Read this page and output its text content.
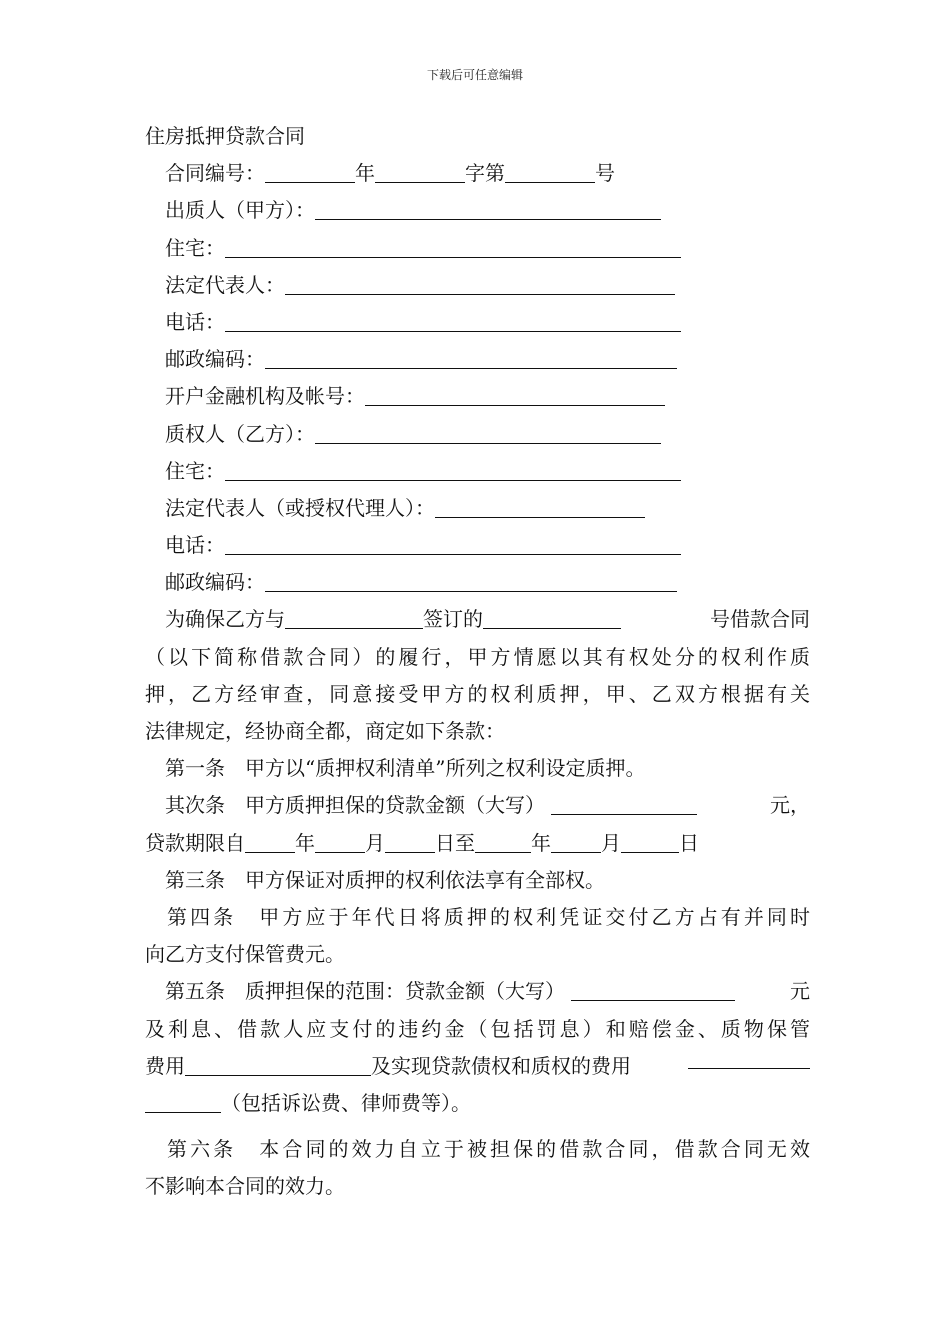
下载后可任意编辑
住房抵押贷款合同
合同编号：	年	字第	号
出质人（甲方）：
住宅：
法定代表人：
电话：
邮政编码：
开户金融机构及帐号：
质权人（乙方）：
住宅：
法定代表人（或授权代理人）：
电话：
邮政编码：
为确保乙方与	签订的	号借款合同
（以下简称借款合同）的履行，甲方情愿以其有权处分的权利作质
押，乙方经审查，同意接受甲方的权利质押，甲、乙双方根据有关
法律规定，经协商全都，商定如下条款：
第一条　甲方以“质押权利清单”所列之权利设定质押。
其次条　甲方质押担保的贷款金额（大写）	元，
贷款期限自	年	月	日至	年	月	日
第三条　甲方保证对质押的权利依法享有全部权。
第四条　甲方应于年代日将质押的权利凭证交付乙方占有并同时
向乙方支付保管费元。
第五条　质押担保的范围：贷款金额（大写）	元
及利息、借款人应支付的违约金（包括罚息）和赔偿金、质物保管
费用	及实现贷款债权和质权的费用
（包括诉讼费、律师费等）。
第六条　本合同的效力自立于被担保的借款合同，借款合同无效
不影响本合同的效力。
